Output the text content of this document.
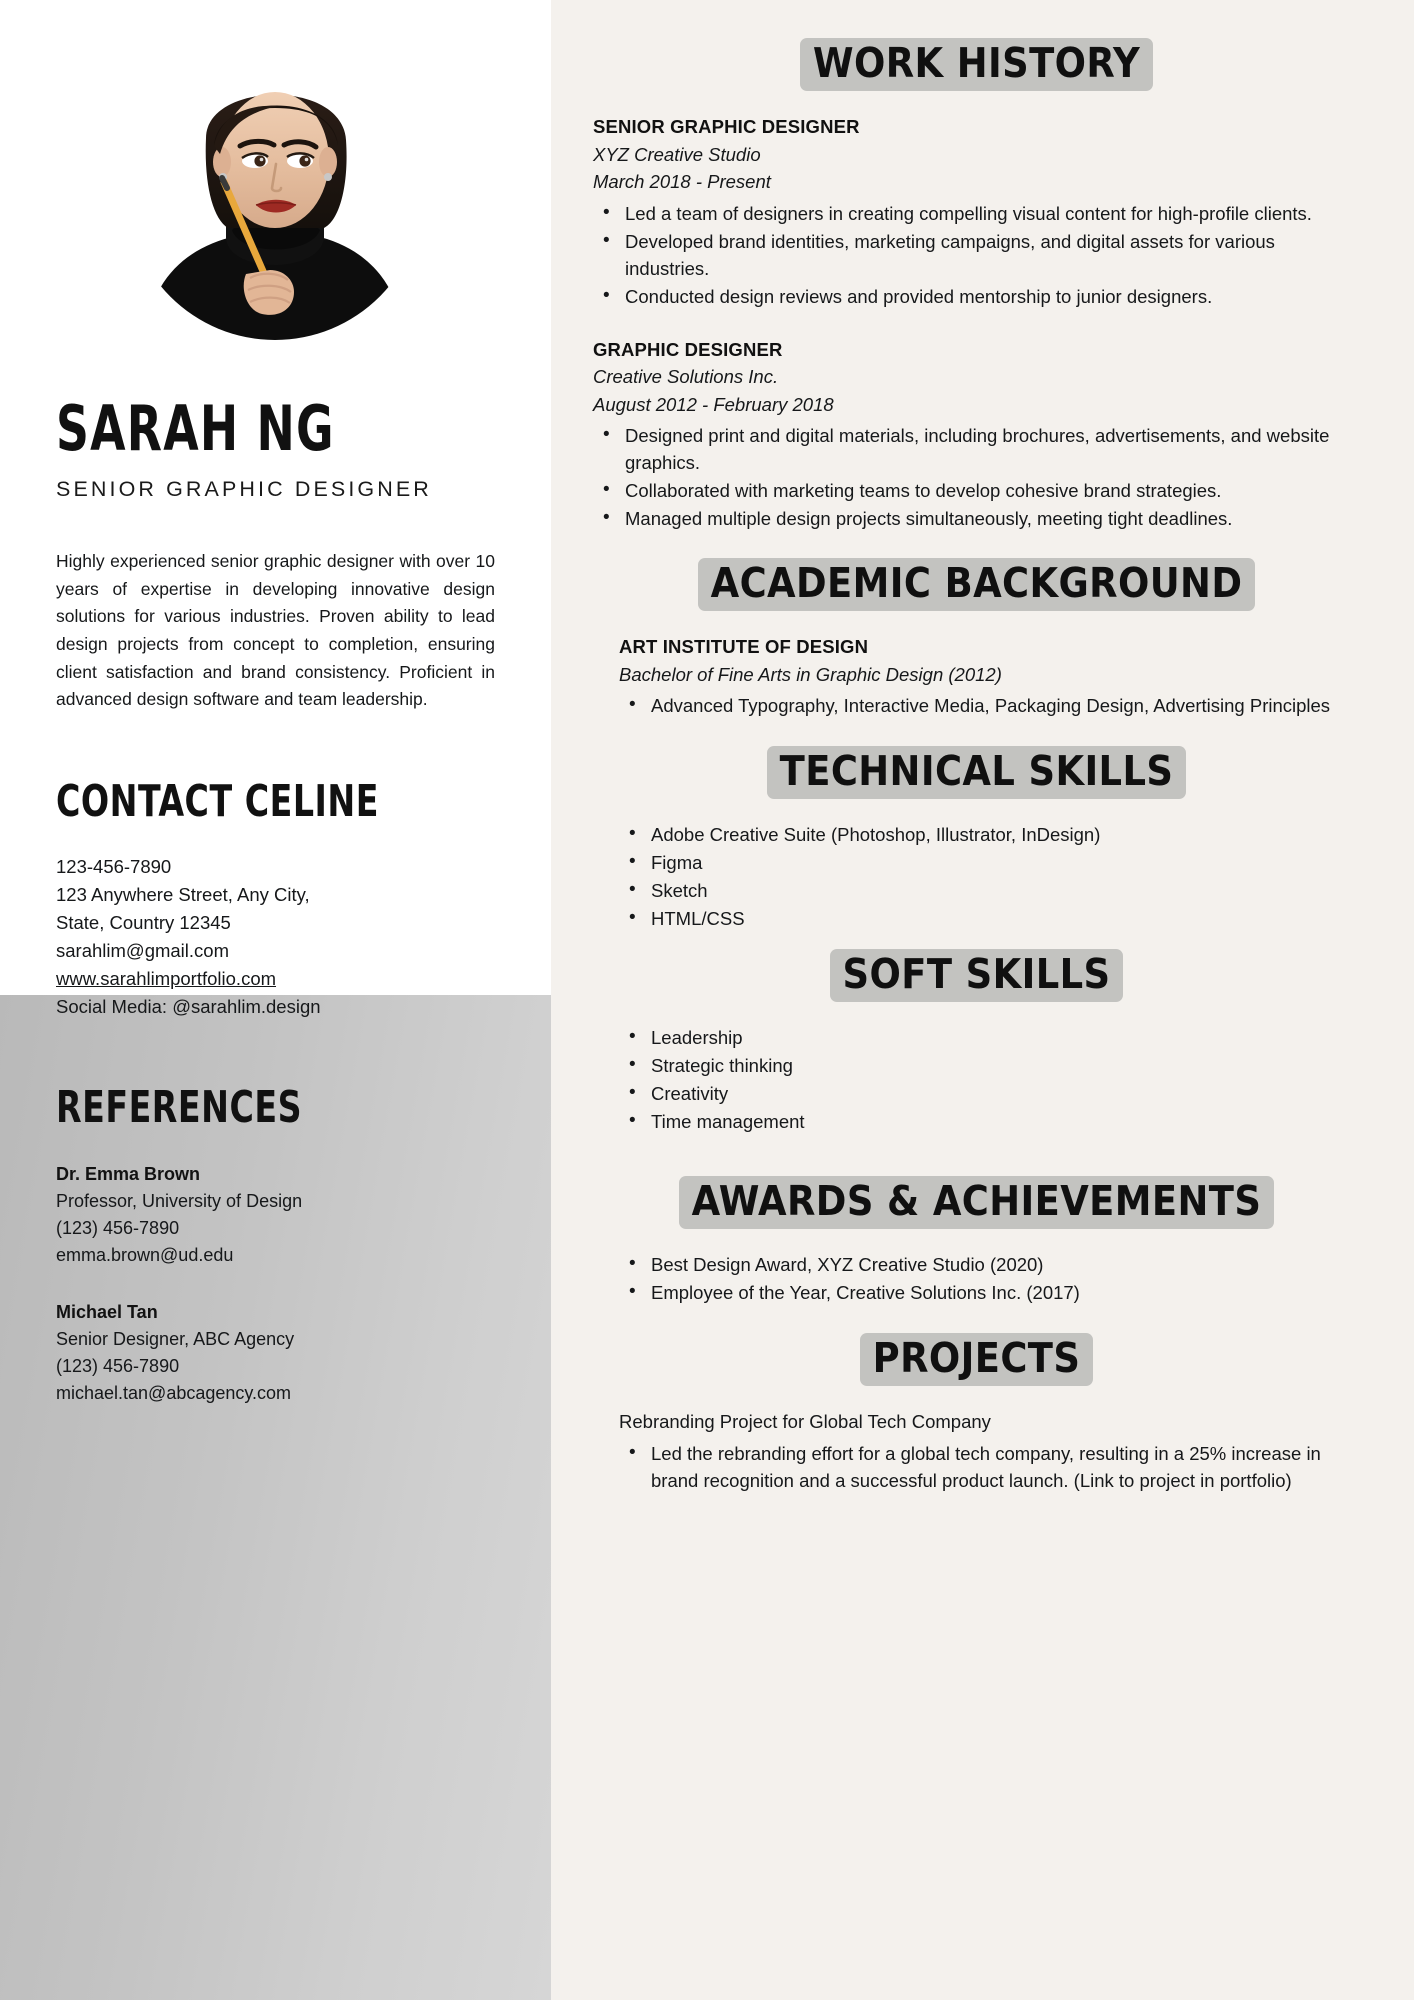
SARAH NG
SENIOR GRAPHIC DESIGNER
Highly experienced senior graphic designer with over 10 years of expertise in developing innovative design solutions for various industries. Proven ability to lead design projects from concept to completion, ensuring client satisfaction and brand consistency. Proficient in advanced design software and team leadership.
CONTACT CELINE
123-456-7890
123 Anywhere Street, Any City,
State, Country 12345
sarahlim@gmail.com
www.sarahlimportfolio.com
Social Media: @sarahlim.design
REFERENCES
Dr. Emma Brown
Professor, University of Design
(123) 456-7890
emma.brown@ud.edu
Michael Tan
Senior Designer, ABC Agency
(123) 456-7890
michael.tan@abcagency.com
WORK HISTORY
SENIOR GRAPHIC DESIGNER
XYZ Creative Studio
March 2018 - Present
• Led a team of designers in creating compelling visual content for high-profile clients.
• Developed brand identities, marketing campaigns, and digital assets for various industries.
• Conducted design reviews and provided mentorship to junior designers.
GRAPHIC DESIGNER
Creative Solutions Inc.
August 2012 - February 2018
• Designed print and digital materials, including brochures, advertisements, and website graphics.
• Collaborated with marketing teams to develop cohesive brand strategies.
• Managed multiple design projects simultaneously, meeting tight deadlines.
ACADEMIC BACKGROUND
ART INSTITUTE OF DESIGN
Bachelor of Fine Arts in Graphic Design (2012)
• Advanced Typography, Interactive Media, Packaging Design, Advertising Principles
TECHNICAL SKILLS
• Adobe Creative Suite (Photoshop, Illustrator, InDesign)
• Figma
• Sketch
• HTML/CSS
SOFT SKILLS
• Leadership
• Strategic thinking
• Creativity
• Time management
AWARDS & ACHIEVEMENTS
• Best Design Award, XYZ Creative Studio (2020)
• Employee of the Year, Creative Solutions Inc. (2017)
PROJECTS
Rebranding Project for Global Tech Company
• Led the rebranding effort for a global tech company, resulting in a 25% increase in brand recognition and a successful product launch. (Link to project in portfolio)
